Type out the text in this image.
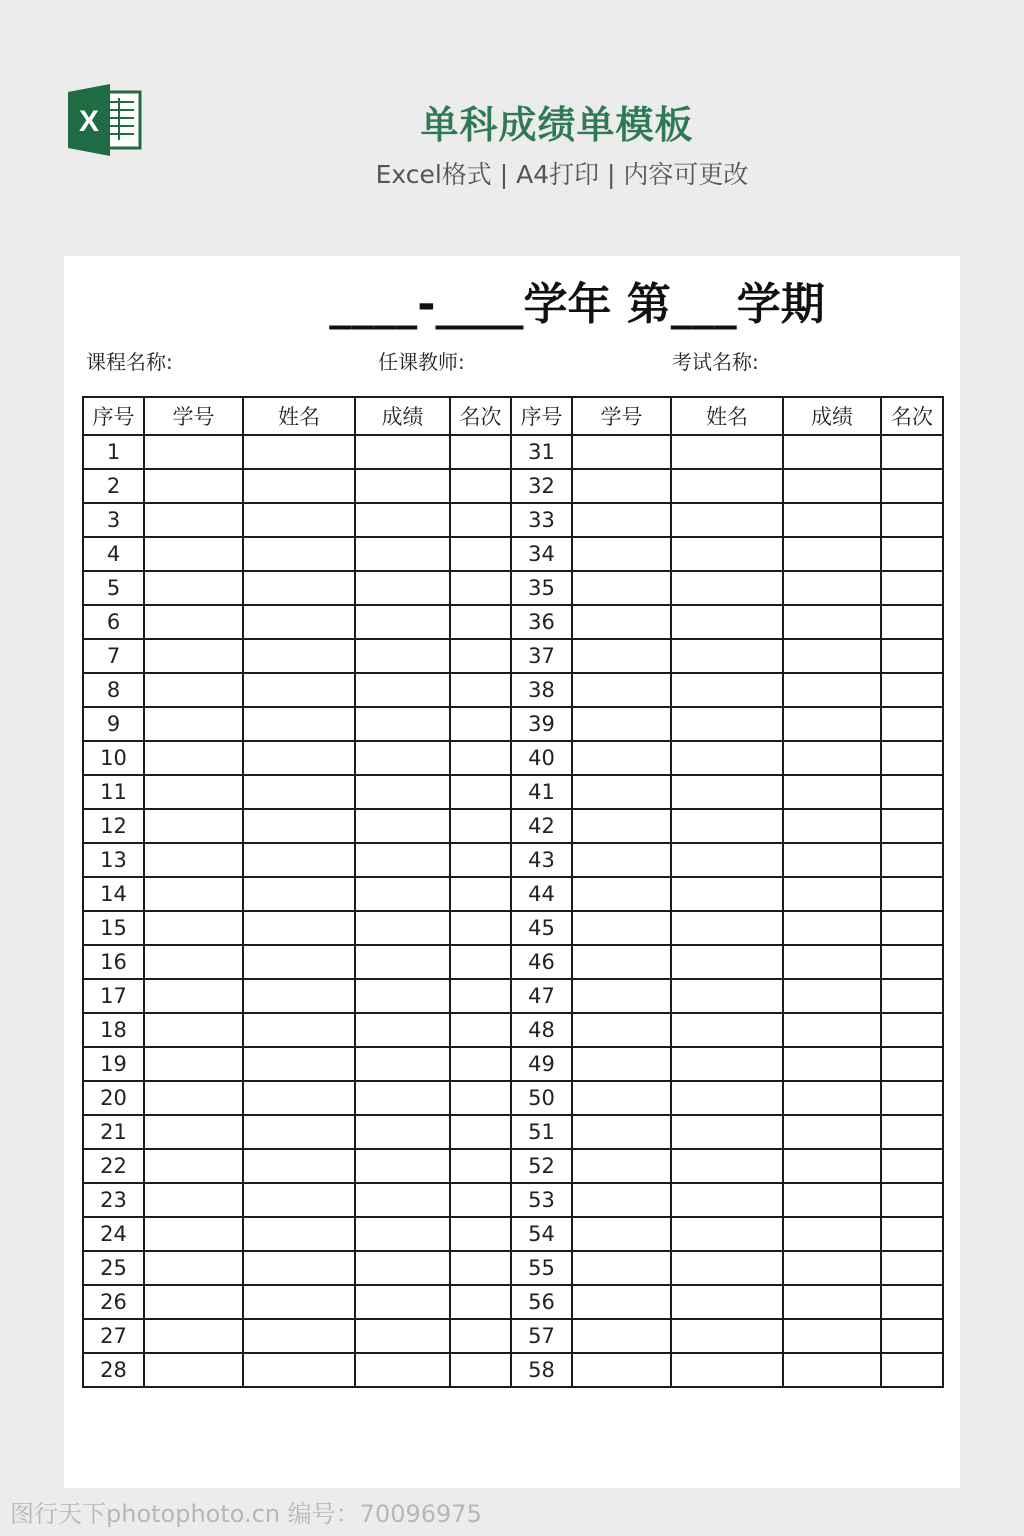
X	单科成绩单模板
Excel格式 | A4打印 | 内容可更改
____-____学年 第___学期
课程名称:	任课教师:	考试名称:
序号	学号	姓名	成绩	名次	序号	学号	姓名	成绩	名次
1					31				
2					32				
3					33				
4					34				
5					35				
6					36				
7					37				
8					38				
9					39				
10					40				
11					41				
12					42				
13					43				
14					44				
15					45				
16					46				
17					47				
18					48				
19					49				
20					50				
21					51				
22					52				
23					53				
24					54				
25					55				
26					56				
27					57				
28					58				
图行天下photophoto.cn 编号：70096975
